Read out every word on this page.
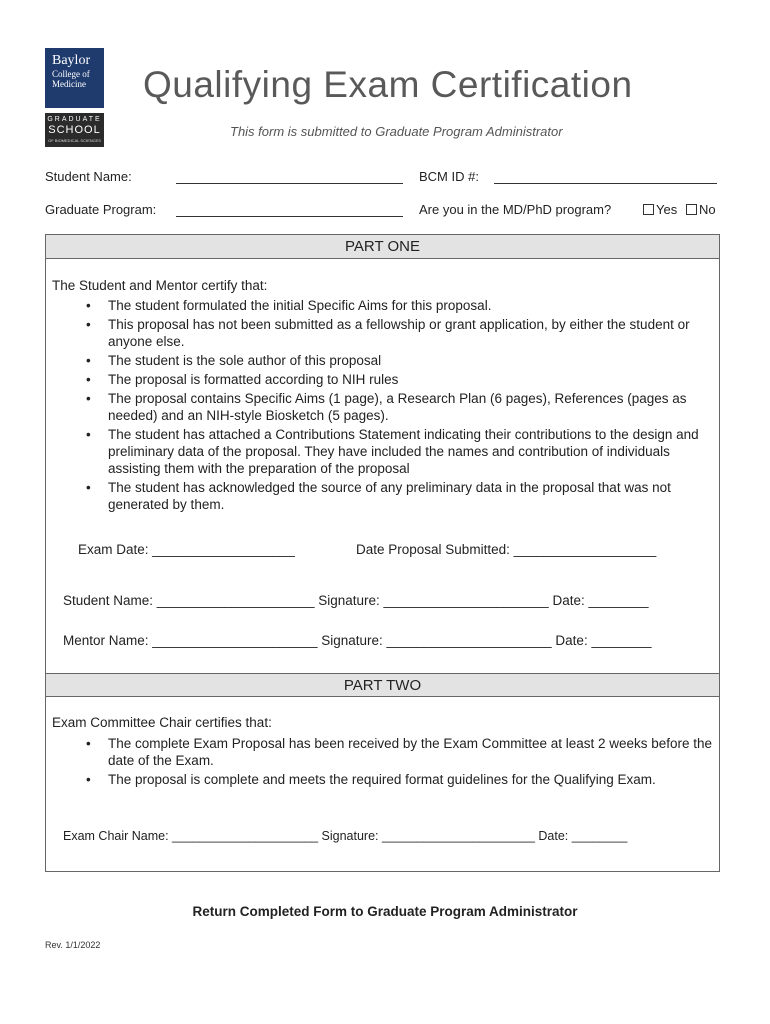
Baylor
College of
Medicine
GRADUATE
SCHOOL
OF BIOMEDICAL SCIENCES
Qualifying Exam Certification
This form is submitted to Graduate Program Administrator
Student Name:	BCM ID #:
Graduate Program:	Are you in the MD/PhD program?	Yes	No
PART ONE
The Student and Mentor certify that:
• The student formulated the initial Specific Aims for this proposal.
• This proposal has not been submitted as a fellowship or grant application, by either the student or anyone else.
• The student is the sole author of this proposal
• The proposal is formatted according to NIH rules
• The proposal contains Specific Aims (1 page), a Research Plan (6 pages), References (pages as needed) and an NIH-style Biosketch (5 pages).
• The student has attached a Contributions Statement indicating their contributions to the design and preliminary data of the proposal. They have included the names and contribution of individuals assisting them with the preparation of the proposal
• The student has acknowledged the source of any preliminary data in the proposal that was not generated by them.
Exam Date: ___________________	Date Proposal Submitted: ___________________
Student Name: _____________________ Signature: ______________________ Date: ________
Mentor Name: ______________________ Signature: ______________________ Date: ________
PART TWO
Exam Committee Chair certifies that:
• The complete Exam Proposal has been received by the Exam Committee at least 2 weeks before the date of the Exam.
• The proposal is complete and meets the required format guidelines for the Qualifying Exam.
Exam Chair Name: _____________________ Signature: ______________________ Date: ________
Return Completed Form to Graduate Program Administrator
Rev. 1/1/2022
